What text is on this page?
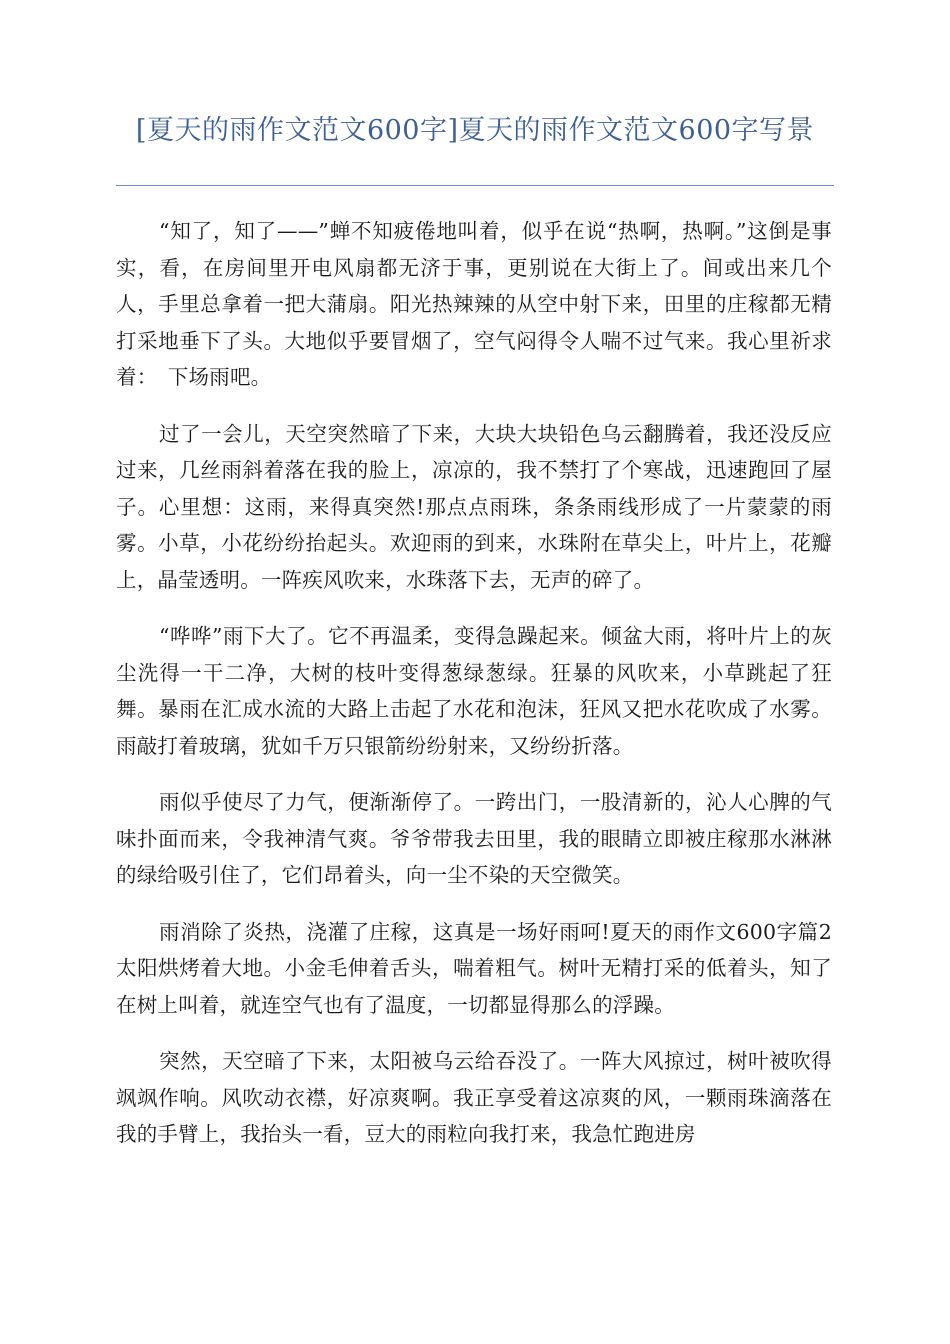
[夏天的雨作文范文600字]夏天的雨作文范文600字写景

“知了，知了——”蝉不知疲倦地叫着，似乎在说“热啊，热啊。”这倒是事实，看，在房间里开电风扇都无济于事，更别说在大街上了。间或出来几个人，手里总拿着一把大蒲扇。阳光热辣辣的从空中射下来，田里的庄稼都无精打采地垂下了头。大地似乎要冒烟了，空气闷得令人喘不过气来。我心里祈求着：　下场雨吧。

过了一会儿，天空突然暗了下来，大块大块铅色乌云翻腾着，我还没反应过来，几丝雨斜着落在我的脸上，凉凉的，我不禁打了个寒战，迅速跑回了屋子。心里想：这雨，来得真突然!那点点雨珠，条条雨线形成了一片蒙蒙的雨雾。小草，小花纷纷抬起头。欢迎雨的到来，水珠附在草尖上，叶片上，花瓣上，晶莹透明。一阵疾风吹来，水珠落下去，无声的碎了。

“哗哗”雨下大了。它不再温柔，变得急躁起来。倾盆大雨，将叶片上的灰尘洗得一干二净，大树的枝叶变得葱绿葱绿。狂暴的风吹来，小草跳起了狂舞。暴雨在汇成水流的大路上击起了水花和泡沫，狂风又把水花吹成了水雾。雨敲打着玻璃，犹如千万只银箭纷纷射来，又纷纷折落。

雨似乎使尽了力气，便渐渐停了。一跨出门，一股清新的，沁人心脾的气味扑面而来，令我神清气爽。爷爷带我去田里，我的眼睛立即被庄稼那水淋淋的绿给吸引住了，它们昂着头，向一尘不染的天空微笑。

雨消除了炎热，浇灌了庄稼，这真是一场好雨呵!夏天的雨作文600字篇2太阳烘烤着大地。小金毛伸着舌头，喘着粗气。树叶无精打采的低着头，知了在树上叫着，就连空气也有了温度，一切都显得那么的浮躁。

突然，天空暗了下来，太阳被乌云给吞没了。一阵大风掠过，树叶被吹得飒飒作响。风吹动衣襟，好凉爽啊。我正享受着这凉爽的风，一颗雨珠滴落在我的手臂上，我抬头一看，豆大的雨粒向我打来，我急忙跑进房
